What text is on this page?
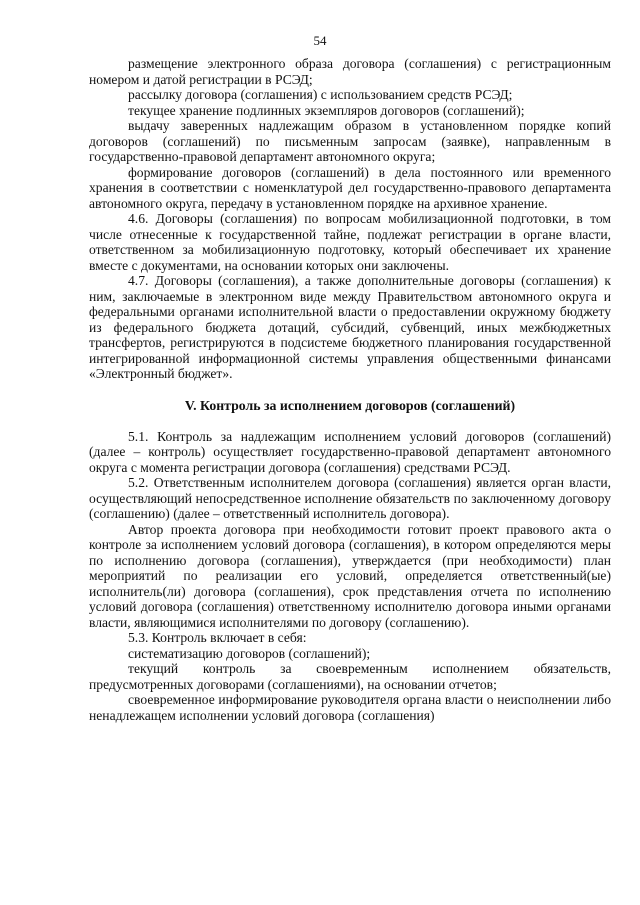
54

размещение электронного образа договора (соглашения) с регистрационным номером и датой регистрации в РСЭД;

рассылку договора (соглашения) с использованием средств РСЭД;

текущее хранение подлинных экземпляров договоров (соглашений);

выдачу заверенных надлежащим образом в установленном порядке копий договоров (соглашений) по письменным запросам (заявке), направленным в государственно-правовой департамент автономного округа;

формирование договоров (соглашений) в дела постоянного или временного хранения в соответствии с номенклатурой дел государственно-правового департамента автономного округа, передачу в установленном порядке на архивное хранение.

4.6. Договоры (соглашения) по вопросам мобилизационной подготовки, в том числе отнесенные к государственной тайне, подлежат регистрации в органе власти, ответственном за мобилизационную подготовку, который обеспечивает их хранение вместе с документами, на основании которых они заключены.

4.7. Договоры (соглашения), а также дополнительные договоры (соглашения) к ним, заключаемые в электронном виде между Правительством автономного округа и федеральными органами исполнительной власти о предоставлении окружному бюджету из федерального бюджета дотаций, субсидий, субвенций, иных межбюджетных трансфертов, регистрируются в подсистеме бюджетного планирования государственной интегрированной информационной системы управления общественными финансами «Электронный бюджет».

V. Контроль за исполнением договоров (соглашений)

5.1. Контроль за надлежащим исполнением условий договоров (соглашений) (далее – контроль) осуществляет государственно-правовой департамент автономного округа с момента регистрации договора (соглашения) средствами РСЭД.

5.2. Ответственным исполнителем договора (соглашения) является орган власти, осуществляющий непосредственное исполнение обязательств по заключенному договору (соглашению) (далее – ответственный исполнитель договора).

Автор проекта договора при необходимости готовит проект правового акта о контроле за исполнением условий договора (соглашения), в котором определяются меры по исполнению договора (соглашения), утверждается (при необходимости) план мероприятий по реализации его условий, определяется ответственный(ые) исполнитель(ли) договора (соглашения), срок представления отчета по исполнению условий договора (соглашения) ответственному исполнителю договора иными органами власти, являющимися исполнителями по договору (соглашению).

5.3. Контроль включает в себя:

систематизацию договоров (соглашений);

текущий контроль за своевременным исполнением обязательств, предусмотренных договорами (соглашениями), на основании отчетов;

своевременное информирование руководителя органа власти о неисполнении либо ненадлежащем исполнении условий договора (соглашения)
